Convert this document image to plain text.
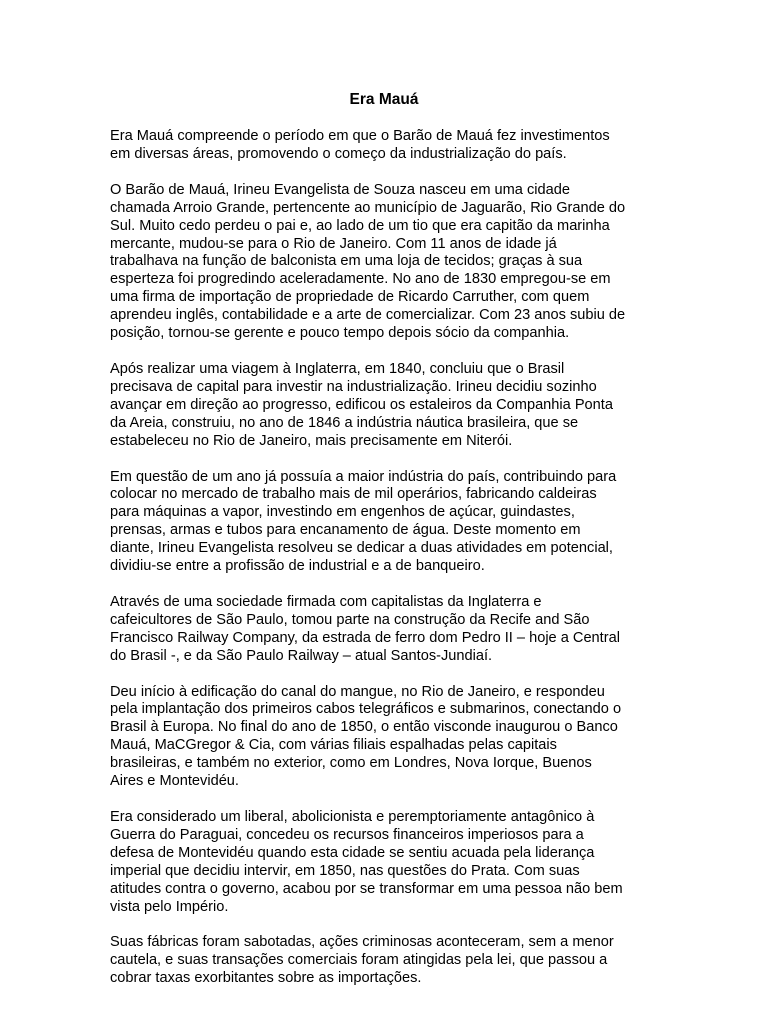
Era Mauá

Era Mauá compreende o período em que o Barão de Mauá fez investimentos
em diversas áreas, promovendo o começo da industrialização do país.

O Barão de Mauá, Irineu Evangelista de Souza nasceu em uma cidade
chamada Arroio Grande, pertencente ao município de Jaguarão, Rio Grande do
Sul. Muito cedo perdeu o pai e, ao lado de um tio que era capitão da marinha
mercante, mudou-se para o Rio de Janeiro. Com 11 anos de idade já
trabalhava na função de balconista em uma loja de tecidos; graças à sua
esperteza foi progredindo aceleradamente. No ano de 1830 empregou-se em
uma firma de importação de propriedade de Ricardo Carruther, com quem
aprendeu inglês, contabilidade e a arte de comercializar. Com 23 anos subiu de
posição, tornou-se gerente e pouco tempo depois sócio da companhia.

Após realizar uma viagem à Inglaterra, em 1840, concluiu que o Brasil
precisava de capital para investir na industrialização. Irineu decidiu sozinho
avançar em direção ao progresso, edificou os estaleiros da Companhia Ponta
da Areia, construiu, no ano de 1846 a indústria náutica brasileira, que se
estabeleceu no Rio de Janeiro, mais precisamente em Niterói.

Em questão de um ano já possuía a maior indústria do país, contribuindo para
colocar no mercado de trabalho mais de mil operários, fabricando caldeiras
para máquinas a vapor, investindo em engenhos de açúcar, guindastes,
prensas, armas e tubos para encanamento de água. Deste momento em
diante, Irineu Evangelista resolveu se dedicar a duas atividades em potencial,
dividiu-se entre a profissão de industrial e a de banqueiro.

Através de uma sociedade firmada com capitalistas da Inglaterra e
cafeicultores de São Paulo, tomou parte na construção da Recife and São
Francisco Railway Company, da estrada de ferro dom Pedro II – hoje a Central
do Brasil -, e da São Paulo Railway – atual Santos-Jundiaí.

Deu início à edificação do canal do mangue, no Rio de Janeiro, e respondeu
pela implantação dos primeiros cabos telegráficos e submarinos, conectando o
Brasil à Europa. No final do ano de 1850, o então visconde inaugurou o Banco
Mauá, MaCGregor & Cia, com várias filiais espalhadas pelas capitais
brasileiras, e também no exterior, como em Londres, Nova Iorque, Buenos
Aires e Montevidéu.

Era considerado um liberal, abolicionista e peremptoriamente antagônico à
Guerra do Paraguai, concedeu os recursos financeiros imperiosos para a
defesa de Montevidéu quando esta cidade se sentiu acuada pela liderança
imperial que decidiu intervir, em 1850, nas questões do Prata. Com suas
atitudes contra o governo, acabou por se transformar em uma pessoa não bem
vista pelo Império.

Suas fábricas foram sabotadas, ações criminosas aconteceram, sem a menor
cautela, e suas transações comerciais foram atingidas pela lei, que passou a
cobrar taxas exorbitantes sobre as importações.
